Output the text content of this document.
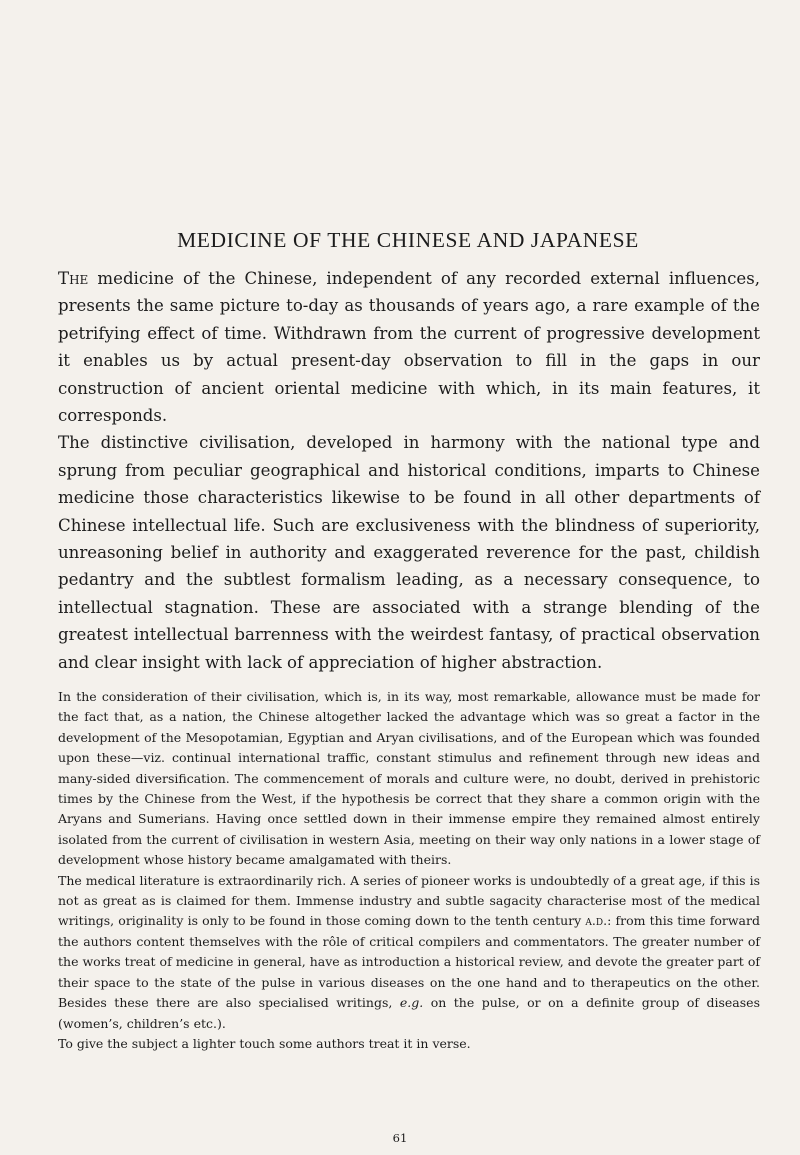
MEDICINE OF THE CHINESE AND JAPANESE

The medicine of the Chinese, independent of any recorded external influences, presents the same picture to-day as thousands of years ago, a rare example of the petrifying effect of time. Withdrawn from the current of progressive development it enables us by actual present-day observation to fill in the gaps in our construction of ancient oriental medicine with which, in its main features, it corresponds.

The distinctive civilisation, developed in harmony with the national type and sprung from peculiar geographical and historical conditions, imparts to Chinese medicine those characteristics likewise to be found in all other departments of Chinese intellectual life. Such are exclusiveness with the blindness of superiority, unreasoning belief in authority and exaggerated reverence for the past, childish pedantry and the subtlest formalism leading, as a necessary consequence, to intellectual stagnation. These are associated with a strange blending of the greatest intellectual barrenness with the weirdest fantasy, of practical observation and clear insight with lack of appreciation of higher abstraction.

In the consideration of their civilisation, which is, in its way, most remarkable, allowance must be made for the fact that, as a nation, the Chinese altogether lacked the advantage which was so great a factor in the development of the Mesopotamian, Egyptian and Aryan civilisations, and of the European which was founded upon these—viz. continual international traffic, constant stimulus and refinement through new ideas and many-sided diversification. The commencement of morals and culture were, no doubt, derived in prehistoric times by the Chinese from the West, if the hypothesis be correct that they share a common origin with the Aryans and Sumerians. Having once settled down in their immense empire they remained almost entirely isolated from the current of civilisation in western Asia, meeting on their way only nations in a lower stage of development whose history became amalgamated with theirs.

The medical literature is extraordinarily rich. A series of pioneer works is undoubtedly of a great age, if this is not as great as is claimed for them. Immense industry and subtle sagacity characterise most of the medical writings, originality is only to be found in those coming down to the tenth century a.d.: from this time forward the authors content themselves with the rôle of critical compilers and commentators. The greater number of the works treat of medicine in general, have as introduction a historical review, and devote the greater part of their space to the state of the pulse in various diseases on the one hand and to therapeutics on the other. Besides these there are also specialised writings, e.g. on the pulse, or on a definite group of diseases (women’s, children’s etc.).

To give the subject a lighter touch some authors treat it in verse.

61
